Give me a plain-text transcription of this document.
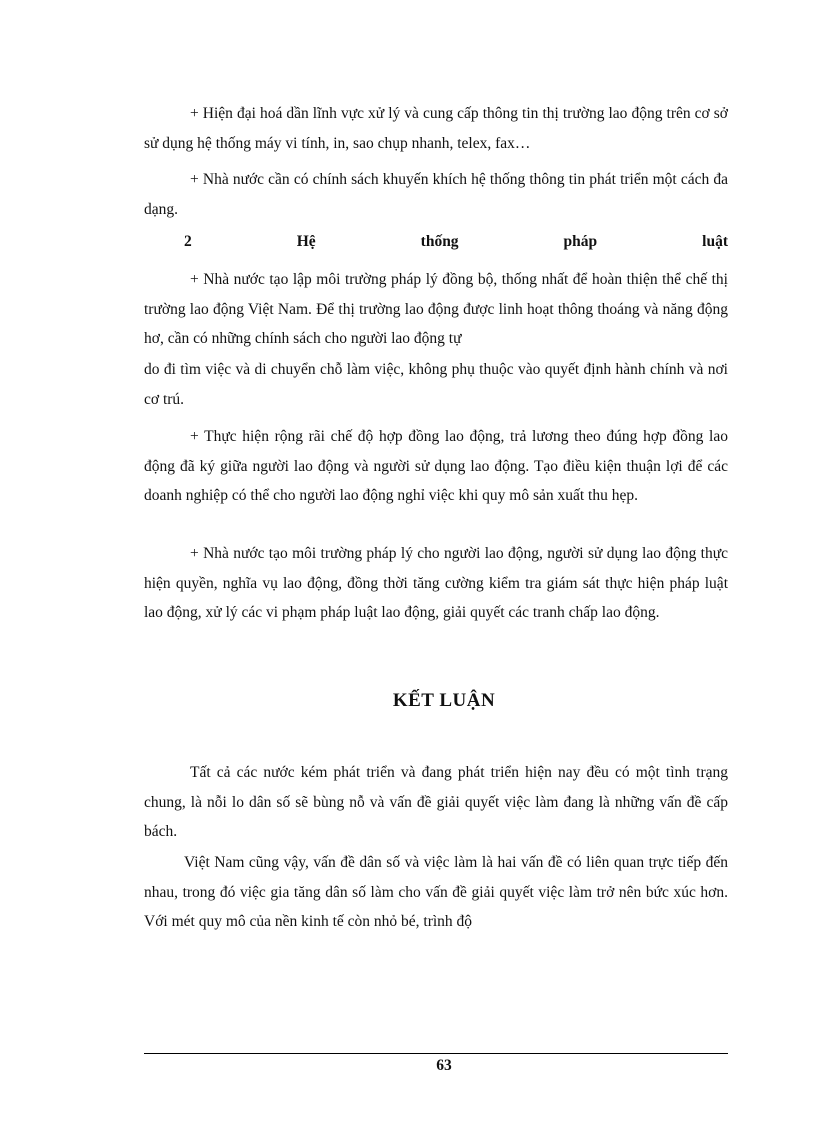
+ Hiện đại hoá dần lĩnh vực xử lý và cung cấp thông tin thị trường lao động trên cơ sở sử dụng hệ thống máy vi tính, in, sao chụp nhanh, telex, fax…

+ Nhà nước cần có chính sách khuyến khích hệ thống thông tin phát triển một cách đa dạng.

2	Hệ	thống	pháp	luật

+ Nhà nước tạo lập môi trường pháp lý đồng bộ, thống nhất để hoàn thiện thể chế thị trường lao động Việt Nam. Để thị trường lao động được linh hoạt thông thoáng và năng động hơ, cần có những chính sách cho người lao động tự

do đi tìm việc và di chuyển chỗ làm việc, không phụ thuộc vào quyết định hành chính và nơi cơ trú.

+ Thực hiện rộng rãi chế độ hợp đồng lao động, trả lương theo đúng hợp đồng lao động đã ký giữa người lao động và người sử dụng lao động. Tạo điều kiện thuận lợi để các doanh nghiệp có thể cho người lao động nghỉ việc khi quy mô sản xuất thu hẹp.

+ Nhà nước tạo môi trường pháp lý cho người lao động, người sử dụng lao động thực hiện quyền, nghĩa vụ lao động, đồng thời tăng cường kiểm tra giám sát thực hiện pháp luật lao động, xử lý các vi phạm pháp luật lao động, giải quyết các tranh chấp lao động.

KẾT LUẬN

Tất cả các nước kém phát triển và đang phát triển hiện nay đều có một tình trạng chung, là nỗi lo dân số sẽ bùng nỗ và vấn đề giải quyết việc làm đang là những vấn đề cấp bách.

Việt Nam cũng vậy, vấn đề dân số và việc làm là hai vấn đề có liên quan trực tiếp đến nhau, trong đó việc gia tăng dân số làm cho vấn đề giải quyết việc làm trở nên bức xúc hơn. Với mét quy mô của nền kinh tế còn nhỏ bé, trình độ

63
